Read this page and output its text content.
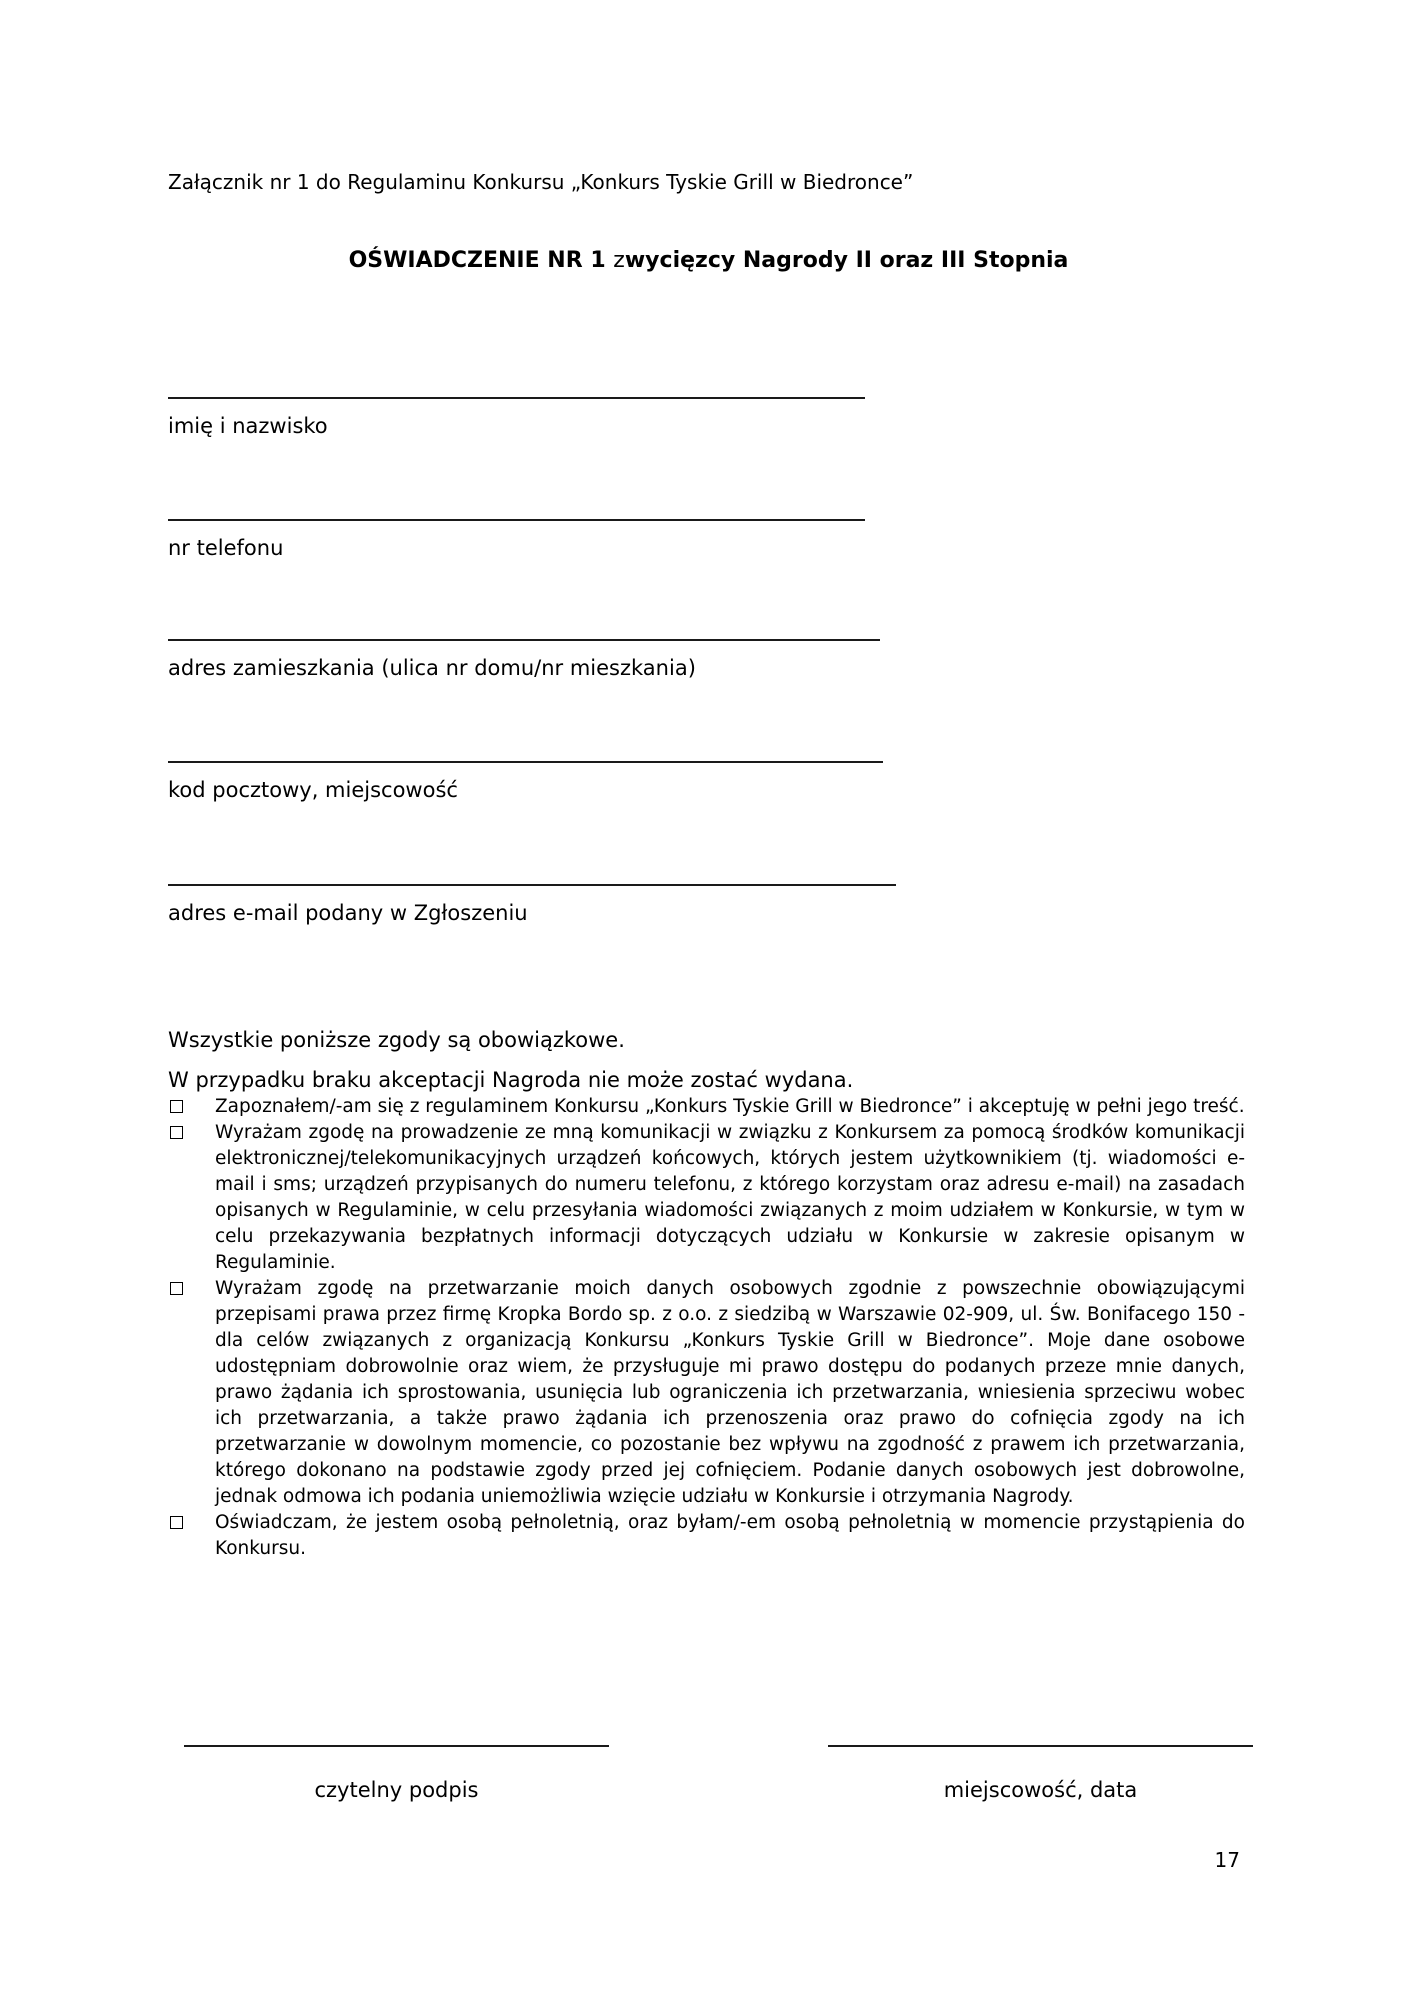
Załącznik nr 1 do Regulaminu Konkursu „Konkurs Tyskie Grill w Biedronce”
OŚWIADCZENIE NR 1 zwycięzcy Nagrody II oraz III Stopnia
imię i nazwisko
nr telefonu
adres zamieszkania (ulica nr domu/nr mieszkania)
kod pocztowy, miejscowość
adres e-mail podany w Zgłoszeniu
Wszystkie poniższe zgody są obowiązkowe.
W przypadku braku akceptacji Nagroda nie może zostać wydana.
Zapoznałem/-am się z regulaminem Konkursu „Konkurs Tyskie Grill w Biedronce” i akceptuję w pełni jego treść.
Wyrażam zgodę na prowadzenie ze mną komunikacji w związku z Konkursem za pomocą środków komunikacji elektronicznej/telekomunikacyjnych urządzeń końcowych, których jestem użytkownikiem (tj. wiadomości e-mail i sms; urządzeń przypisanych do numeru telefonu, z którego korzystam oraz adresu e-mail) na zasadach opisanych w Regulaminie, w celu przesyłania wiadomości związanych z moim udziałem w Konkursie, w tym w celu przekazywania bezpłatnych informacji dotyczących udziału w Konkursie w zakresie opisanym w Regulaminie.
Wyrażam zgodę na przetwarzanie moich danych osobowych zgodnie z powszechnie obowiązującymi przepisami prawa przez firmę Kropka Bordo sp. z o.o. z siedzibą w Warszawie 02-909, ul. Św. Bonifacego 150 - dla celów związanych z organizacją Konkursu „Konkurs Tyskie Grill w Biedronce”. Moje dane osobowe udostępniam dobrowolnie oraz wiem, że przysługuje mi prawo dostępu do podanych przeze mnie danych, prawo żądania ich sprostowania, usunięcia lub ograniczenia ich przetwarzania, wniesienia sprzeciwu wobec ich przetwarzania, a także prawo żądania ich przenoszenia oraz prawo do cofnięcia zgody na ich przetwarzanie w dowolnym momencie, co pozostanie bez wpływu na zgodność z prawem ich przetwarzania, którego dokonano na podstawie zgody przed jej cofnięciem. Podanie danych osobowych jest dobrowolne, jednak odmowa ich podania uniemożliwia wzięcie udziału w Konkursie i otrzymania Nagrody.
Oświadczam, że jestem osobą pełnoletnią, oraz byłam/-em osobą pełnoletnią w momencie przystąpienia do Konkursu.
czytelny podpis	miejscowość, data
17
